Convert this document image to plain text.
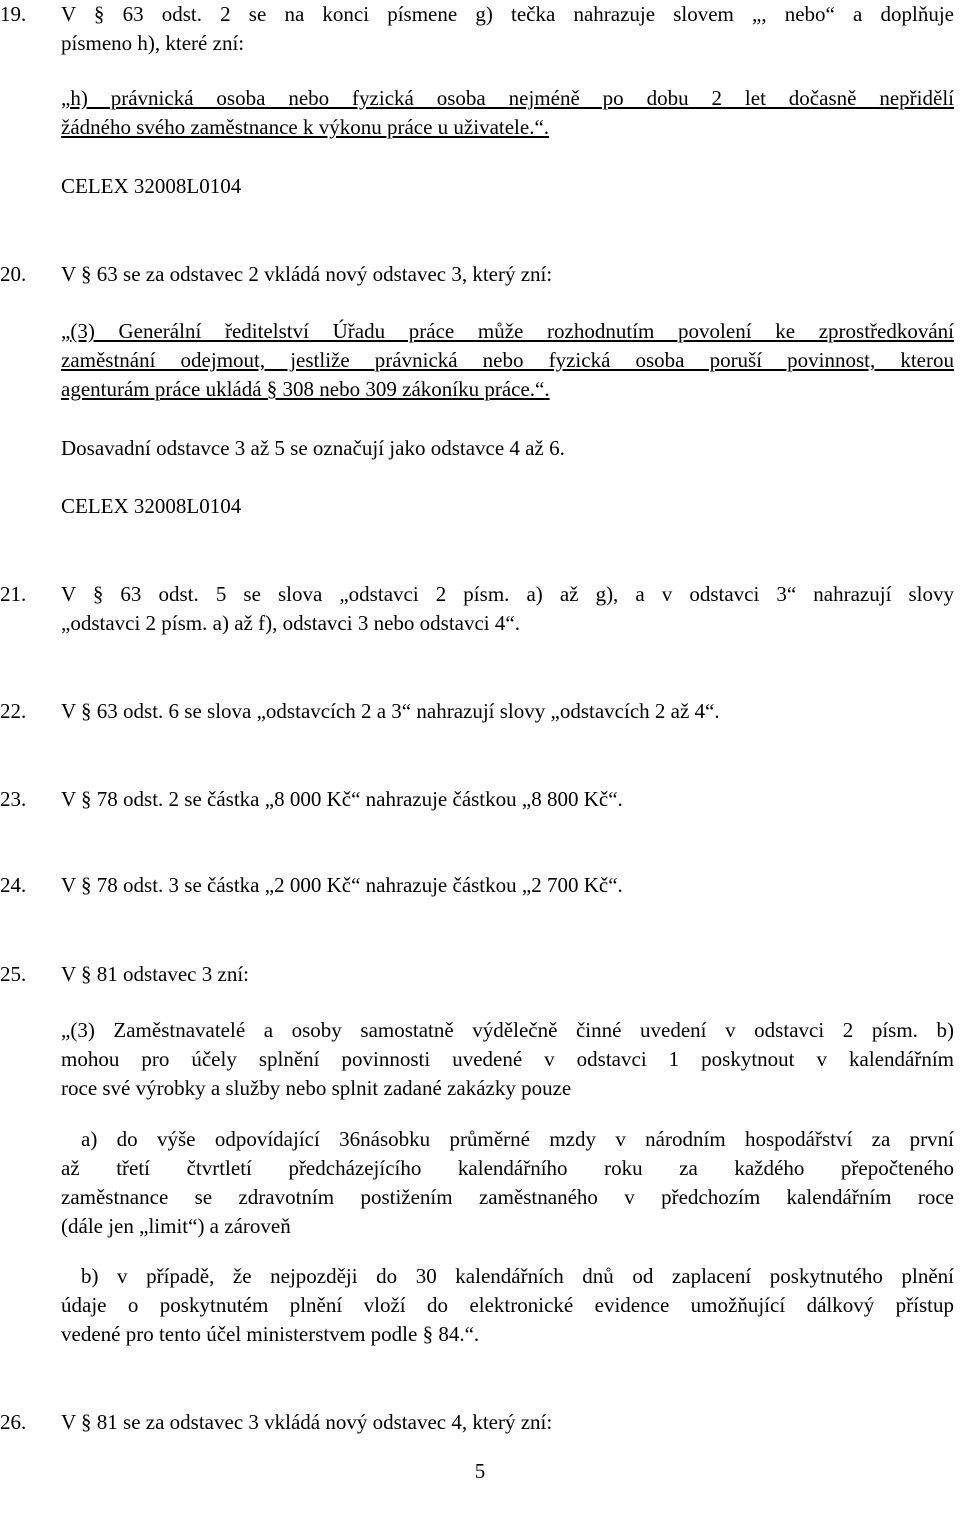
19.	V § 63 odst. 2 se na konci písmene g) tečka nahrazuje slovem „, nebo“ a doplňuje
písmeno h), které zní:
„h) právnická osoba nebo fyzická osoba nejméně po dobu 2 let dočasně nepřidělí
žádného svého zaměstnance k výkonu práce u uživatele.“.
CELEX 32008L0104
20.	V § 63 se za odstavec 2 vkládá nový odstavec 3, který zní:
„(3) Generální ředitelství Úřadu práce může rozhodnutím povolení ke zprostředkování
zaměstnání odejmout, jestliže právnická nebo fyzická osoba poruší povinnost, kterou
agenturám práce ukládá § 308 nebo 309 zákoníku práce.“.
Dosavadní odstavce 3 až 5 se označují jako odstavce 4 až 6.
CELEX 32008L0104
21.	V § 63 odst. 5 se slova „odstavci 2 písm. a) až g), a v odstavci 3“ nahrazují slovy
„odstavci 2 písm. a) až f), odstavci 3 nebo odstavci 4“.
22.	V § 63 odst. 6 se slova „odstavcích 2 a 3“ nahrazují slovy „odstavcích 2 až 4“.
23.	V § 78 odst. 2 se částka „8 000 Kč“ nahrazuje částkou „8 800 Kč“.
24.	V § 78 odst. 3 se částka „2 000 Kč“ nahrazuje částkou „2 700 Kč“.
25.	V § 81 odstavec 3 zní:
„(3) Zaměstnavatelé a osoby samostatně výdělečně činné uvedení v odstavci 2 písm. b)
mohou pro účely splnění povinnosti uvedené v odstavci 1 poskytnout v kalendářním
roce své výrobky a služby nebo splnit zadané zakázky pouze
a) do výše odpovídající 36násobku průměrné mzdy v národním hospodářství za první
až třetí čtvrtletí předcházejícího kalendářního roku za každého přepočteného
zaměstnance se zdravotním postižením zaměstnaného v předchozím kalendářním roce
(dále jen „limit“) a zároveň
b) v případě, že nejpozději do 30 kalendářních dnů od zaplacení poskytnutého plnění
údaje o poskytnutém plnění vloží do elektronické evidence umožňující dálkový přístup
vedené pro tento účel ministerstvem podle § 84.“.
26.	V § 81 se za odstavec 3 vkládá nový odstavec 4, který zní:
5
